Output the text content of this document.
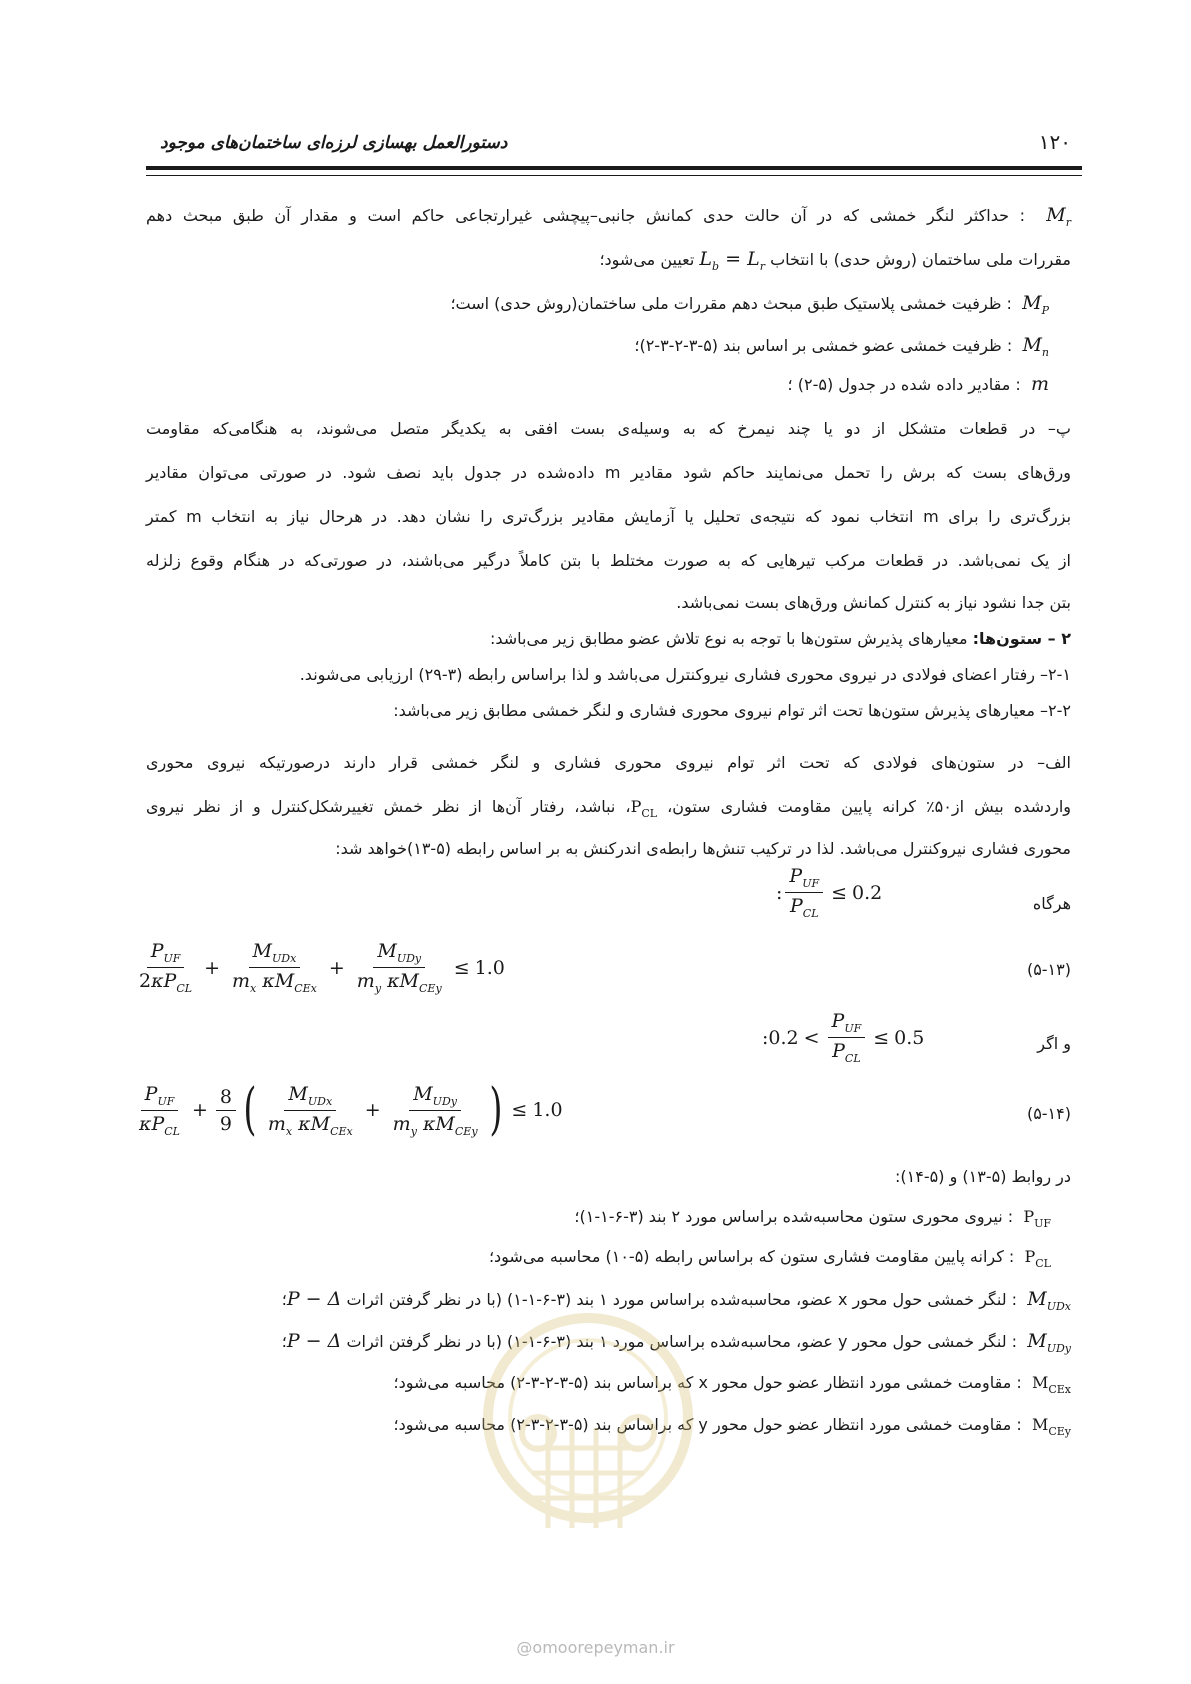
۱۲۰
دستورالعمل بهسازی لرزه‌ای ساختمان‌های موجود
$M_r$  : حداکثر لنگر خمشی که در آن حالت حدی کمانش جانبی–پیچشی غیرارتجاعی حاکم است و مقدار آن طبق مبحث دهم
مقررات ملی ساختمان (روش حدی) با انتخاب $L_b = L_r$ تعیین می‌شود؛
$M_P$  : ظرفیت خمشی پلاستیک طبق مبحث دهم مقررات ملی ساختمان(روش حدی) است؛
$M_n$  : ظرفیت خمشی عضو خمشی بر اساس بند (۵-۳-۲-۳-۲)؛
m  : مقادیر داده شده در جدول (۵-۲) ؛
پ– در قطعات متشکل از دو یا چند نیمرخ که به وسیله‌ی بست افقی به یکدیگر متصل می‌شوند، به هنگامی‌که مقاومت
ورق‌های بست که برش را تحمل می‌نمایند حاکم شود مقادیر m داده‌شده در جدول باید نصف شود. در صورتی می‌توان مقادیر
بزرگ‌تری را برای m انتخاب نمود که نتیجه‌ی تحلیل یا آزمایش مقادیر بزرگ‌تری را نشان دهد. در هرحال نیاز به انتخاب m کمتر
از یک نمی‌باشد. در قطعات مرکب تیرهایی که به صورت مختلط با بتن کاملاً درگیر می‌باشند، در صورتی‌که در هنگام وقوع زلزله
بتن جدا نشود نیاز به کنترل کمانش ورق‌های بست نمی‌باشد.
۲ – ستون‌ها: معیارهای پذیرش ستون‌ها با توجه به نوع تلاش عضو مطابق زیر می‌باشد:
۲-۱– رفتار اعضای فولادی در نیروی محوری فشاری نیروکنترل می‌باشد و لذا براساس رابطه (۳-۲۹) ارزیابی می‌شوند.
۲-۲– معیارهای پذیرش ستون‌ها تحت اثر توام نیروی محوری فشاری و لنگر خمشی مطابق زیر می‌باشد:
الف– در ستون‌های فولادی که تحت اثر توام نیروی محوری فشاری و لنگر خمشی قرار دارند درصورتیکه نیروی محوری
واردشده بیش از۵۰٪ کرانه پایین مقاومت فشاری ستون، $P_{CL}،$ نباشد، رفتار آن‌ها از نظر خمش تغییرشکل‌کنترل و از نظر نیروی
محوری فشاری نیروکنترل می‌باشد. لذا در ترکیب تنش‌ها رابطه‌ی اندرکنش به بر اساس رابطه (۵-۱۳)خواهد شد:
هرگاه
: $\frac{P_{UF}}{P_{CL}} \le 0.2$
$\frac{P_{UF}}{2\kappa P_{CL}} + \frac{M_{UDx}}{m_x \kappa M_{CEx}} + \frac{M_{UDy}}{m_y \kappa M_{CEy}} \le 1.0$	(۵-۱۳)
و اگر
: $0.2 < \frac{P_{UF}}{P_{CL}} \le 0.5$
$\frac{P_{UF}}{\kappa P_{CL}} + \frac{8}{9}$ ( $\frac{M_{UDx}}{m_x \kappa M_{CEx}} + \frac{M_{UDy}}{m_y \kappa M_{CEy}}$ ) ≤ 1.0	(۵-۱۴)
در روابط (۵-۱۳) و (۵-۱۴):
$P_{UF}$  : نیروی محوری ستون محاسبه‌شده براساس مورد ۲ بند (۳-۶-۱-۱)؛
$P_{CL}$  : کرانه پایین مقاومت فشاری ستون که براساس رابطه (۵-۱۰) محاسبه می‌شود؛
$M_{UDx}$  : لنگر خمشی حول محور x عضو، محاسبه‌شده براساس مورد ۱ بند (۳-۶-۱-۱) (با در نظر گرفتن اثرات P − Δ؛
$M_{UDy}$  : لنگر خمشی حول محور y عضو، محاسبه‌شده براساس مورد ۱ بند (۳-۶-۱-۱) (با در نظر گرفتن اثرات P − Δ؛
$M_{CEx}$  : مقاومت خمشی مورد انتظار عضو حول محور x که براساس بند (۵-۳-۲-۳-۲) محاسبه می‌شود؛
$M_{CEy}$  : مقاومت خمشی مورد انتظار عضو حول محور y که براساس بند (۵-۳-۲-۳-۲) محاسبه می‌شود؛
@omoorepeyman.ir
